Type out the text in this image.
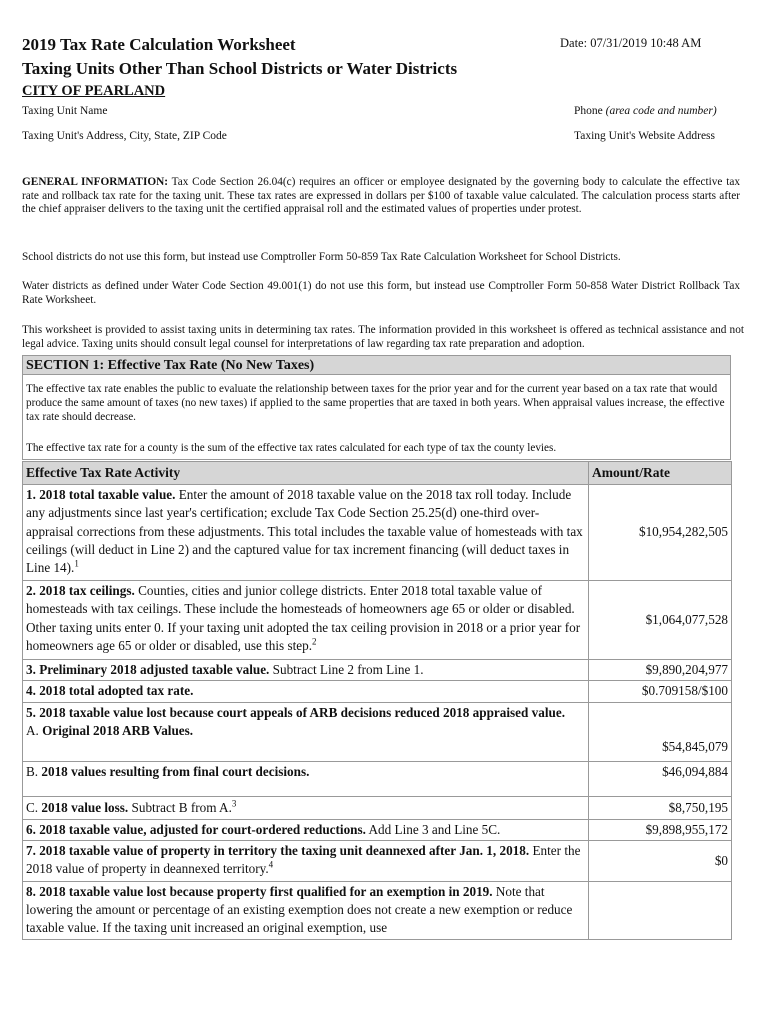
2019 Tax Rate Calculation Worksheet
Taxing Units Other Than School Districts or Water Districts
Date: 07/31/2019 10:48 AM
CITY OF PEARLAND
Taxing Unit Name	Phone (area code and number)
Taxing Unit's Address, City, State, ZIP Code	Taxing Unit's Website Address
GENERAL INFORMATION: Tax Code Section 26.04(c) requires an officer or employee designated by the governing body to calculate the effective tax rate and rollback tax rate for the taxing unit. These tax rates are expressed in dollars per $100 of taxable value calculated. The calculation process starts after the chief appraiser delivers to the taxing unit the certified appraisal roll and the estimated values of properties under protest.
School districts do not use this form, but instead use Comptroller Form 50-859 Tax Rate Calculation Worksheet for School Districts.
Water districts as defined under Water Code Section 49.001(1) do not use this form, but instead use Comptroller Form 50-858 Water District Rollback Tax Rate Worksheet.
This worksheet is provided to assist taxing units in determining tax rates. The information provided in this worksheet is offered as technical assistance and not legal advice. Taxing units should consult legal counsel for interpretations of law regarding tax rate preparation and adoption.
SECTION 1: Effective Tax Rate (No New Taxes)
The effective tax rate enables the public to evaluate the relationship between taxes for the prior year and for the current year based on a tax rate that would produce the same amount of taxes (no new taxes) if applied to the same properties that are taxed in both years. When appraisal values increase, the effective tax rate should decrease.
The effective tax rate for a county is the sum of the effective tax rates calculated for each type of tax the county levies.
Effective Tax Rate Activity	Amount/Rate
1. 2018 total taxable value. Enter the amount of 2018 taxable value on the 2018 tax roll today. Include any adjustments since last year's certification; exclude Tax Code Section 25.25(d) one-third over-appraisal corrections from these adjustments. This total includes the taxable value of homesteads with tax ceilings (will deduct in Line 2) and the captured value for tax increment financing (will deduct taxes in Line 14).$^1$	$10,954,282,505
2. 2018 tax ceilings. Counties, cities and junior college districts. Enter 2018 total taxable value of homesteads with tax ceilings. These include the homesteads of homeowners age 65 or older or disabled. Other taxing units enter 0. If your taxing unit adopted the tax ceiling provision in 2018 or a prior year for homeowners age 65 or older or disabled, use this step.$^2$	$1,064,077,528
3. Preliminary 2018 adjusted taxable value. Subtract Line 2 from Line 1.	$9,890,204,977
4. 2018 total adopted tax rate.	$0.709158/$100
5. 2018 taxable value lost because court appeals of ARB decisions reduced 2018 appraised value.
A. Original 2018 ARB Values.	$54,845,079
B. 2018 values resulting from final court decisions.	$46,094,884
C. 2018 value loss. Subtract B from A.$^3$	$8,750,195
6. 2018 taxable value, adjusted for court-ordered reductions. Add Line 3 and Line 5C.	$9,898,955,172
7. 2018 taxable value of property in territory the taxing unit deannexed after Jan. 1, 2018. Enter the 2018 value of property in deannexed territory.$^4$	$0
8. 2018 taxable value lost because property first qualified for an exemption in 2019. Note that lowering the amount or percentage of an existing exemption does not create a new exemption or reduce taxable value. If the taxing unit increased an original exemption, use	
